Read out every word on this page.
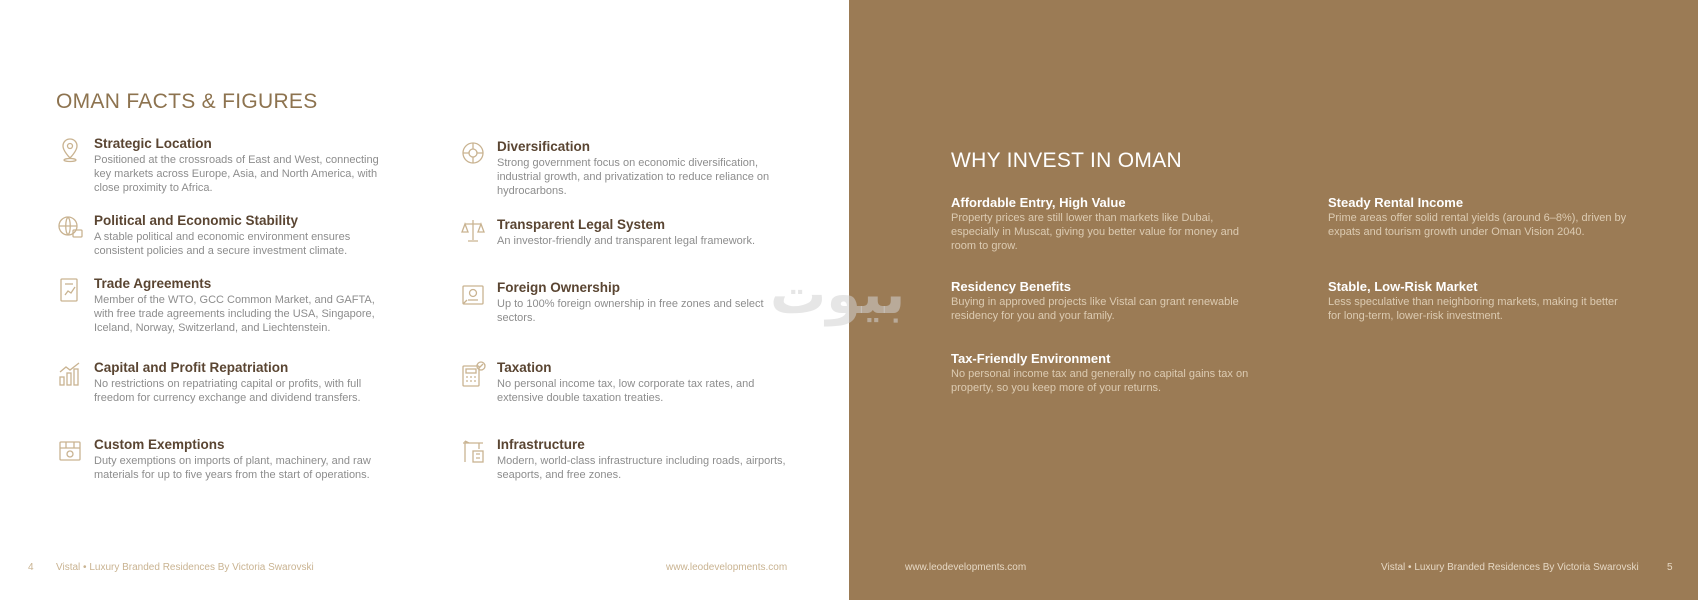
OMAN FACTS & FIGURES
Strategic Location

Positioned at the crossroads of East and West, connecting key markets across Europe, Asia, and North America, with close proximity to Africa.

Political and Economic Stability

A stable political and economic environment ensures consistent policies and a secure investment climate.

Trade Agreements

Member of the WTO, GCC Common Market, and GAFTA, with free trade agreements including the USA, Singapore, Iceland, Norway, Switzerland, and Liechtenstein.

Capital and Profit Repatriation

No restrictions on repatriating capital or profits, with full freedom for currency exchange and dividend transfers.

Custom Exemptions

Duty exemptions on imports of plant, machinery, and raw materials for up to five years from the start of operations.

Diversification

Strong government focus on economic diversification, industrial growth, and privatization to reduce reliance on hydrocarbons.

Transparent Legal System

An investor-friendly and transparent legal framework.

Foreign Ownership

Up to 100% foreign ownership in free zones and select sectors.

Taxation

No personal income tax, low corporate tax rates, and extensive double taxation treaties.

Infrastructure

Modern, world-class infrastructure including roads, airports, seaports, and free zones.

4 Vistal • Luxury Branded Residences By Victoria Swarovski	www.leodevelopments.com
WHY INVEST IN OMAN
Affordable Entry, High Value

Property prices are still lower than markets like Dubai, especially in Muscat, giving you better value for money and room to grow.

Residency Benefits

Buying in approved projects like Vistal can grant renewable residency for you and your family.

Tax-Friendly Environment

No personal income tax and generally no capital gains tax on property, so you keep more of your returns.

Steady Rental Income

Prime areas offer solid rental yields (around 6–8%), driven by expats and tourism growth under Oman Vision 2040.

Stable, Low-Risk Market

Less speculative than neighboring markets, making it better for long-term, lower-risk investment.

www.leodevelopments.com	Vistal • Luxury Branded Residences By Victoria Swarovski	5
بيوت
